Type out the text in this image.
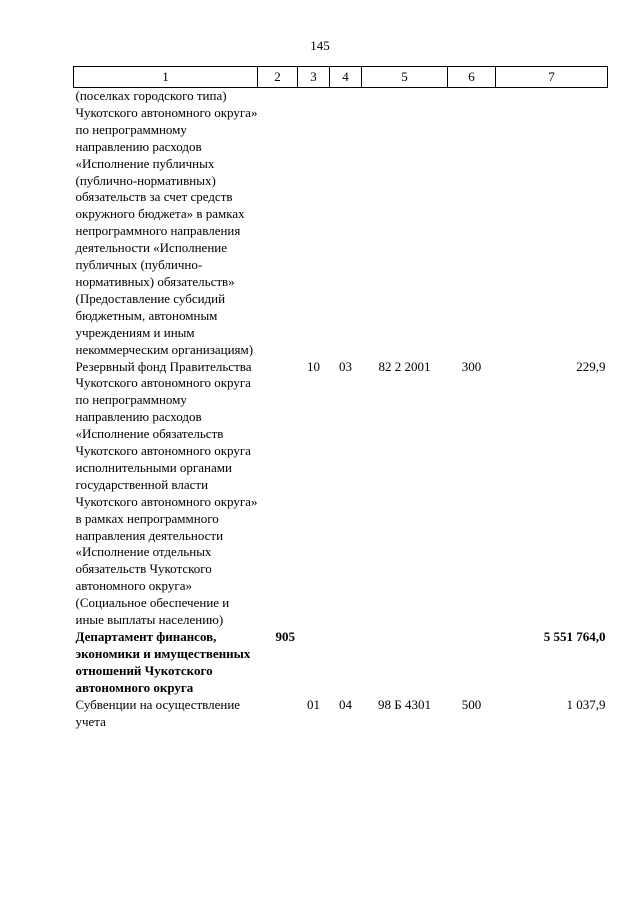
145
1	2	3	4	5	6	7
(поселках городского типа) Чукотского автономного округа» по непрограммному направлению расходов «Исполнение публичных (публично-нормативных) обязательств за счет средств окружного бюджета» в рамках непрограммного направления деятельности «Исполнение публичных (публично-нормативных) обязательств» (Предоставление субсидий бюджетным, автономным учреждениям и иным некоммерческим организациям)						
Резервный фонд Правительства Чукотского автономного округа по непрограммному направлению расходов «Исполнение обязательств Чукотского автономного округа исполнительными органами государственной власти Чукотского автономного округа» в рамках непрограммного направления деятельности «Исполнение отдельных обязательств Чукотского автономного округа» (Социальное обеспечение и иные выплаты населению)		10	03	82 2 2001	300	229,9
Департамент финансов, экономики и имущественных отношений Чукотского автономного округа	905					5 551 764,0
Субвенции на осуществление учета		01	04	98 Б 4301	500	1 037,9
